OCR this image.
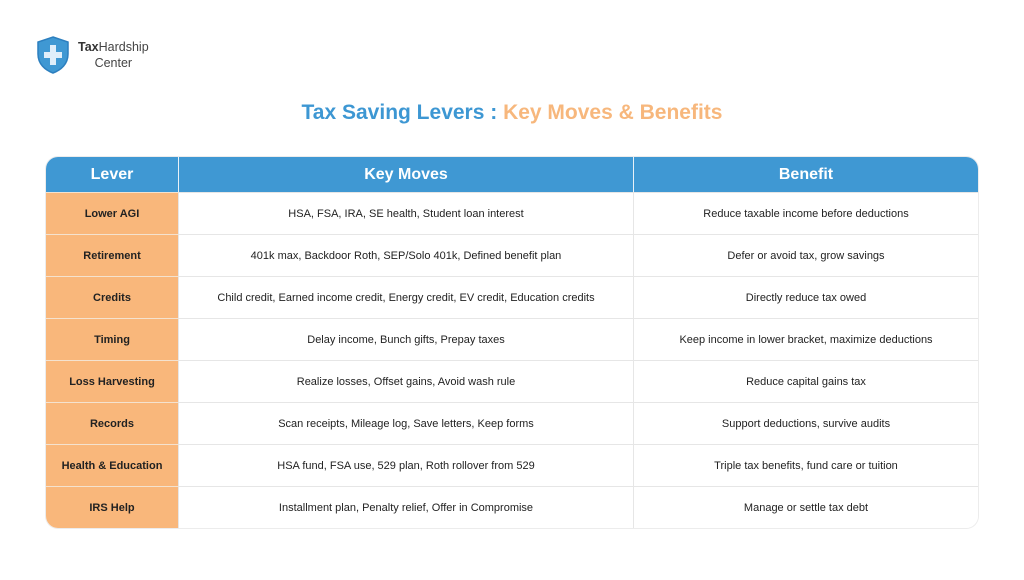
TaxHardship
Center
Tax Saving Levers : Key Moves & Benefits
Lever	Key Moves	Benefit
Lower AGI	HSA, FSA, IRA, SE health, Student loan interest	Reduce taxable income before deductions
Retirement	401k max, Backdoor Roth, SEP/Solo 401k, Defined benefit plan	Defer or avoid tax, grow savings
Credits	Child credit, Earned income credit, Energy credit, EV credit, Education credits	Directly reduce tax owed
Timing	Delay income, Bunch gifts, Prepay taxes	Keep income in lower bracket, maximize deductions
Loss Harvesting	Realize losses, Offset gains, Avoid wash rule	Reduce capital gains tax
Records	Scan receipts, Mileage log, Save letters, Keep forms	Support deductions, survive audits
Health & Education	HSA fund, FSA use, 529 plan, Roth rollover from 529	Triple tax benefits, fund care or tuition
IRS Help	Installment plan, Penalty relief, Offer in Compromise	Manage or settle tax debt
